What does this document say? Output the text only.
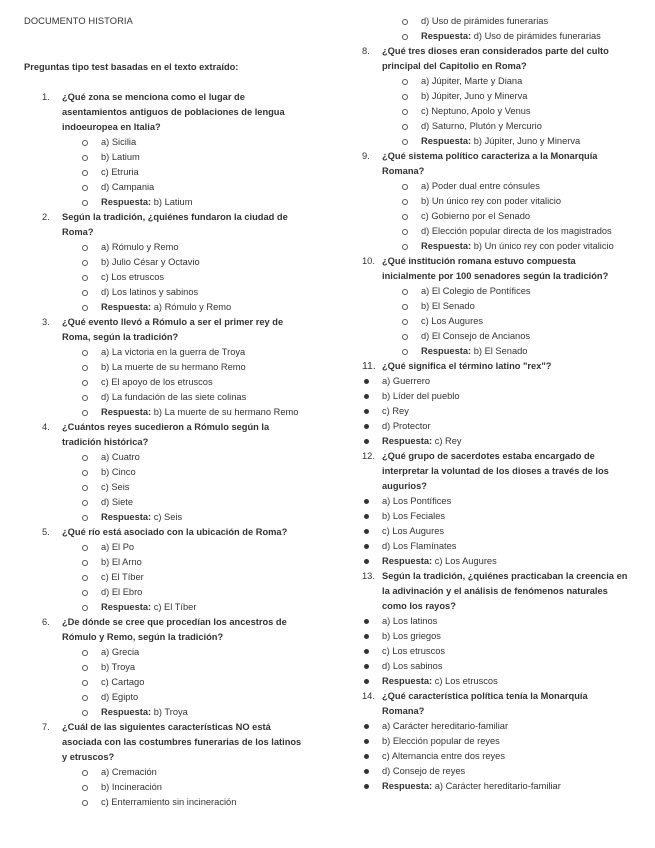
DOCUMENTO HISTORIA
Preguntas tipo test basadas en el texto extraído:
1.	¿Qué zona se menciona como el lugar de
asentamientos antiguos de poblaciones de lengua
indoeuropea en Italia?
a) Sicilia
b) Latium
c) Etruria
d) Campania
Respuesta: b) Latium
2.	Según la tradición, ¿quiénes fundaron la ciudad de
Roma?
a) Rómulo y Remo
b) Julio César y Octavio
c) Los etruscos
d) Los latinos y sabinos
Respuesta: a) Rómulo y Remo
3.	¿Qué evento llevó a Rómulo a ser el primer rey de
Roma, según la tradición?
a) La victoria en la guerra de Troya
b) La muerte de su hermano Remo
c) El apoyo de los etruscos
d) La fundación de las siete colinas
Respuesta: b) La muerte de su hermano Remo
4.	¿Cuántos reyes sucedieron a Rómulo según la
tradición histórica?
a) Cuatro
b) Cinco
c) Seis
d) Siete
Respuesta: c) Seis
5.	¿Qué río está asociado con la ubicación de Roma?
a) El Po
b) El Arno
c) El Tíber
d) El Ebro
Respuesta: c) El Tíber
6.	¿De dónde se cree que procedían los ancestros de
Rómulo y Remo, según la tradición?
a) Grecia
b) Troya
c) Cartago
d) Egipto
Respuesta: b) Troya
7.	¿Cuál de las siguientes características NO está
asociada con las costumbres funerarias de los latinos
y etruscos?
a) Cremación
b) Incineración
c) Enterramiento sin incineración
d) Uso de pirámides funerarias
Respuesta: d) Uso de pirámides funerarias
8.	¿Qué tres dioses eran considerados parte del culto
principal del Capitolio en Roma?
a) Júpiter, Marte y Diana
b) Júpiter, Juno y Minerva
c) Neptuno, Apolo y Venus
d) Saturno, Plutón y Mercurio
Respuesta: b) Júpiter, Juno y Minerva
9.	¿Qué sistema político caracteriza a la Monarquía
Romana?
a) Poder dual entre cónsules
b) Un único rey con poder vitalicio
c) Gobierno por el Senado
d) Elección popular directa de los magistrados
Respuesta: b) Un único rey con poder vitalicio
10. ¿Qué institución romana estuvo compuesta
inicialmente por 100 senadores según la tradición?
a) El Colegio de Pontífices
b) El Senado
c) Los Augures
d) El Consejo de Ancianos
Respuesta: b) El Senado
11. ¿Qué significa el término latino "rex"?
a) Guerrero
b) Líder del pueblo
c) Rey
d) Protector
Respuesta: c) Rey
12. ¿Qué grupo de sacerdotes estaba encargado de
interpretar la voluntad de los dioses a través de los
augurios?
a) Los Pontífices
b) Los Feciales
c) Los Augures
d) Los Flamínates
Respuesta: c) Los Augures
13. Según la tradición, ¿quiénes practicaban la creencia en
la adivinación y el análisis de fenómenos naturales
como los rayos?
a) Los latinos
b) Los griegos
c) Los etruscos
d) Los sabinos
Respuesta: c) Los etruscos
14. ¿Qué característica política tenía la Monarquía
Romana?
a) Carácter hereditario-familiar
b) Elección popular de reyes
c) Alternancia entre dos reyes
d) Consejo de reyes
Respuesta: a) Carácter hereditario-familiar
